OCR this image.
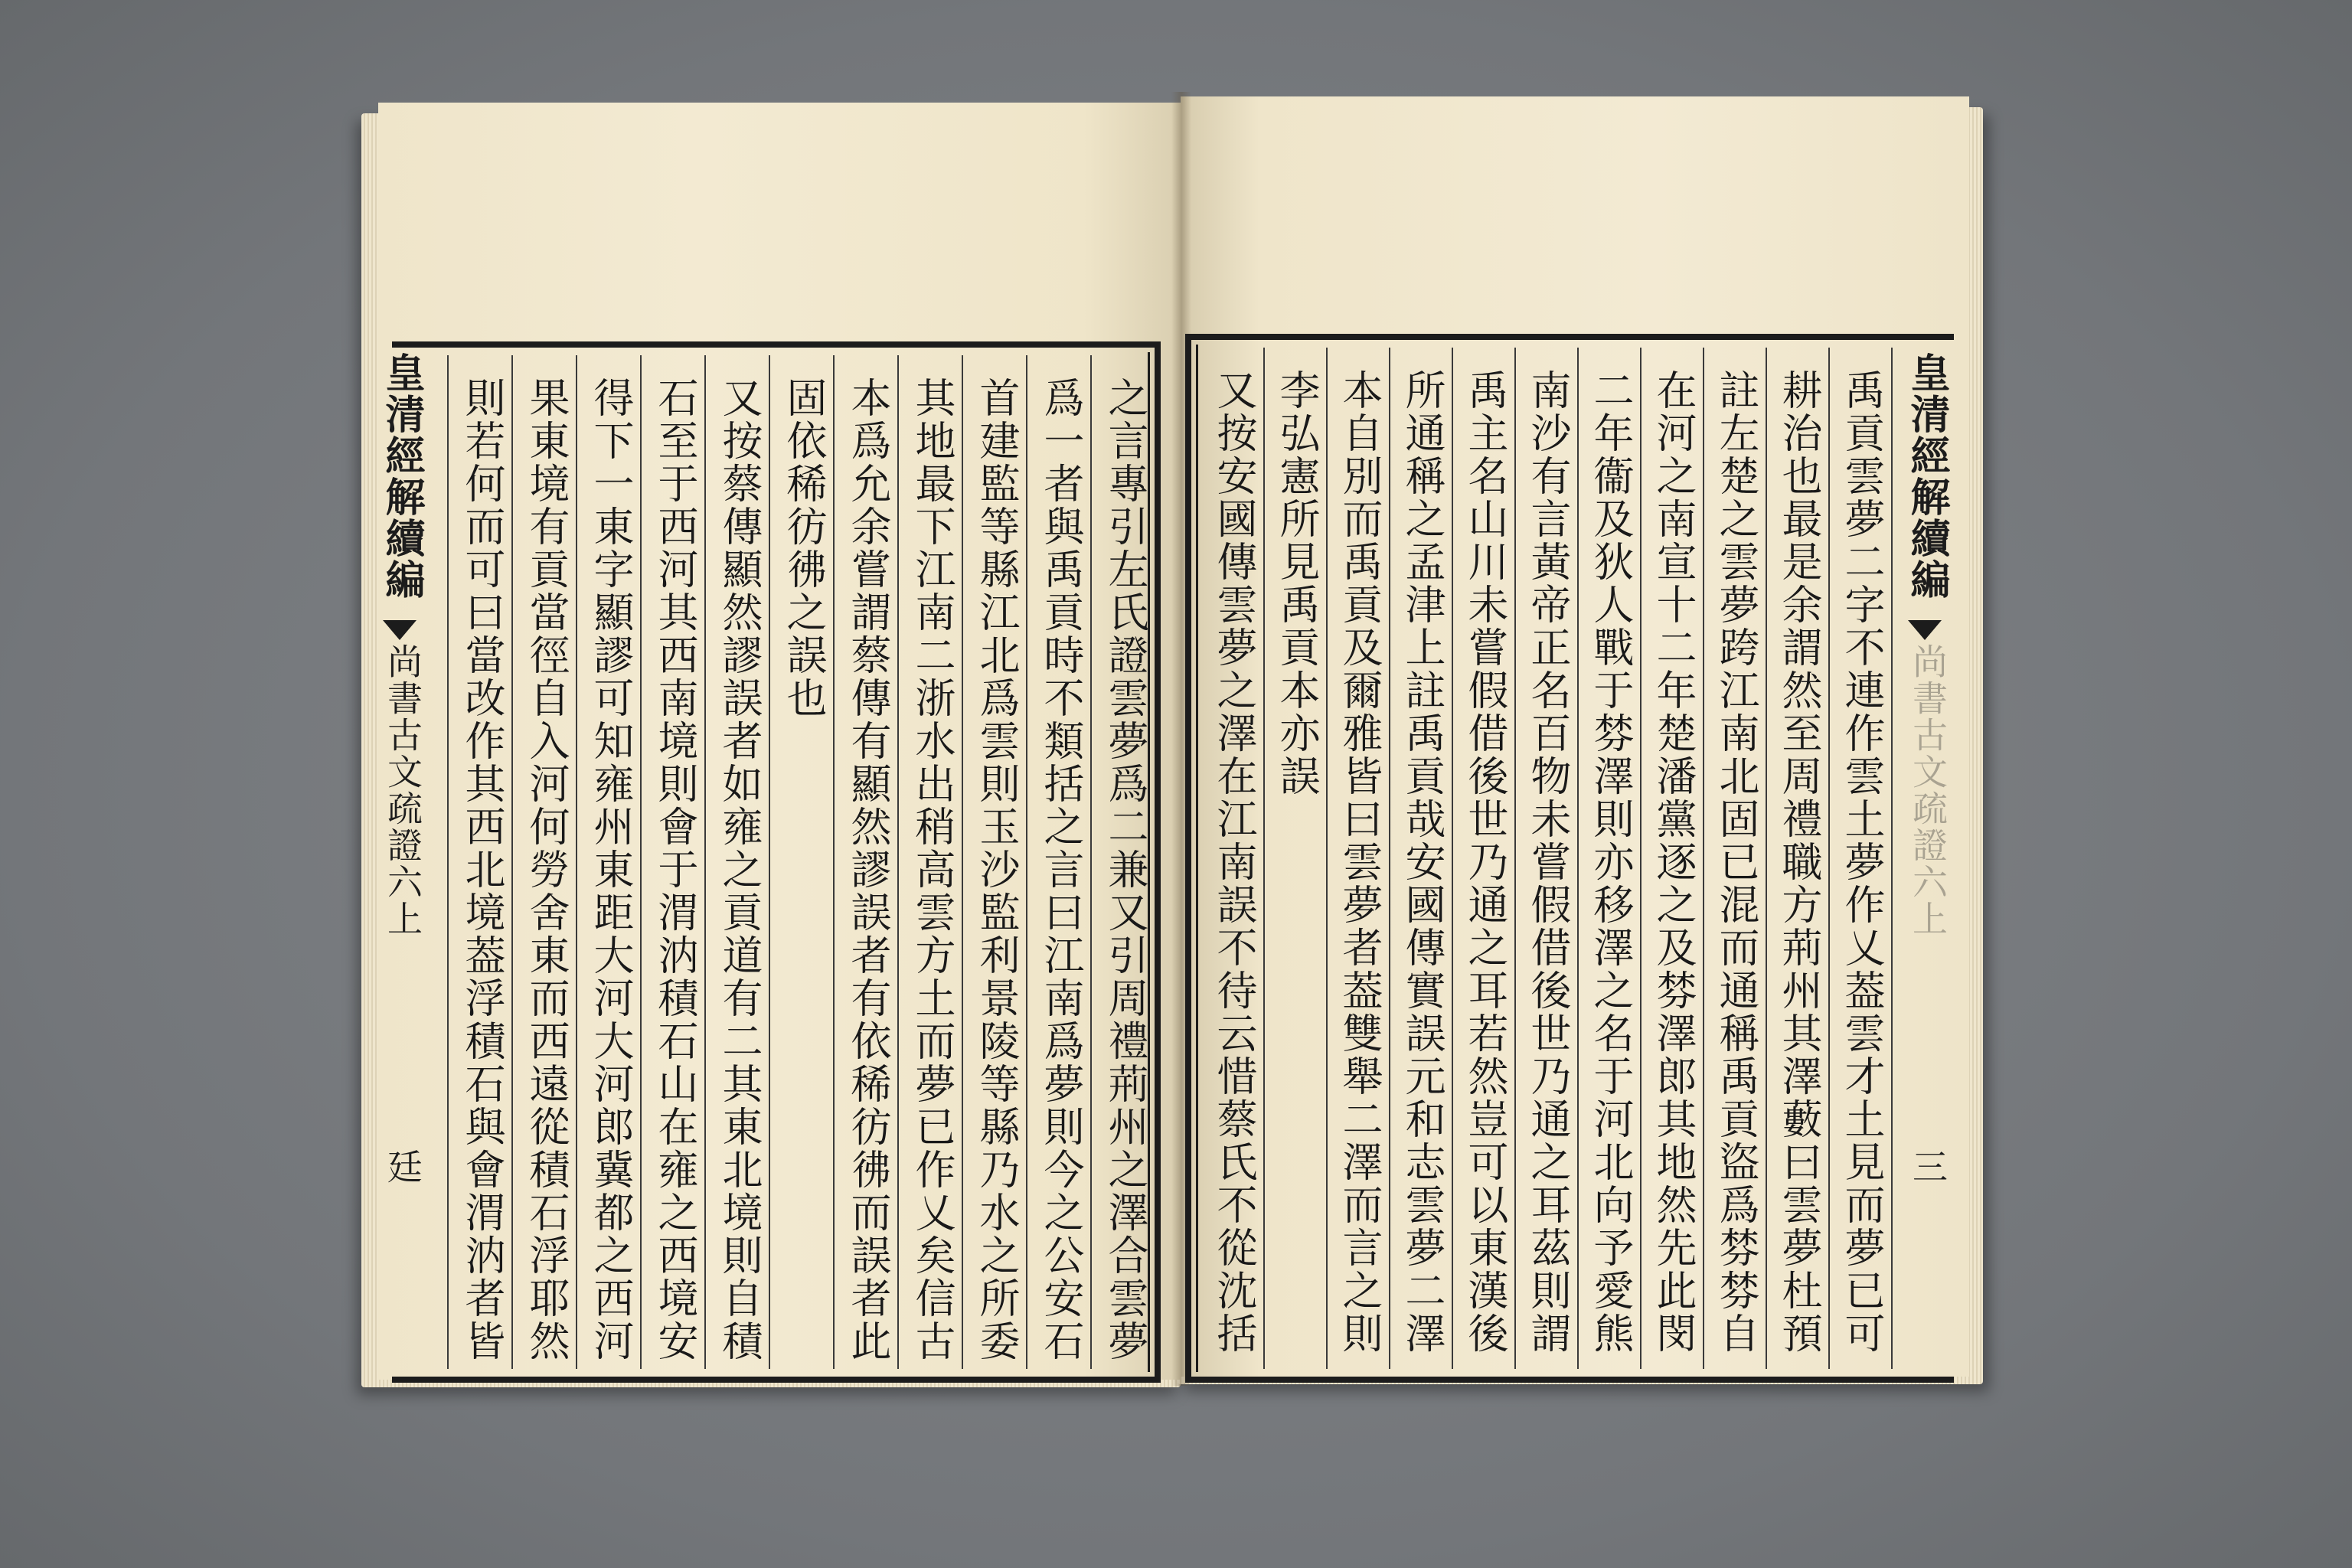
皇清經解續編
尚書古文疏證六上
廷	之言專引左氏證雲夢爲二兼又引周禮荊州之澤合雲夢
爲一者與禹貢時不類括之言曰江南爲夢則今之公安石
首建監等縣江北爲雲則玉沙監利景陵等縣乃水之所委
其地最下江南二浙水出稍高雲方土而夢已作乂矣信古
本爲允余嘗謂蔡傳有顯然謬誤者有依稀彷彿而誤者此
固依稀彷彿之誤也
又按蔡傳顯然謬誤者如雍之貢道有二其東北境則自積
石至于西河其西南境則會于渭汭積石山在雍之西境安
得下一東字顯謬可知雍州東距大河大河郎冀都之西河
果東境有貢當徑自入河何勞舍東而西遠從積石浮耶然
則若何而可曰當改作其西北境葢浮積石與會渭汭者皆	禹貢雲夢二字不連作雲土夢作乂葢雲才土見而夢已可
耕治也最是余謂然至周禮職方荊州其澤藪曰雲夢杜預
註左楚之雲夢跨江南北固已混而通稱禹貢盜爲棼棼自
在河之南宣十二年楚潘黨逐之及棼澤郎其地然先此閔
二年衞及狄人戰于棼澤則亦移澤之名于河北向予愛熊
南沙有言黃帝正名百物未嘗假借後世乃通之耳茲則謂
禹主名山川未嘗假借後世乃通之耳若然豈可以東漢後
所通稱之孟津上註禹貢哉安國傳實誤元和志雲夢二澤
本自別而禹貢及爾雅皆曰雲夢者葢雙舉二澤而言之則
李弘憲所見禹貢本亦誤
又按安國傳雲夢之澤在江南誤不待云惜蔡氏不從沈括	皇清經解續編
尚書古文疏證六上
三
